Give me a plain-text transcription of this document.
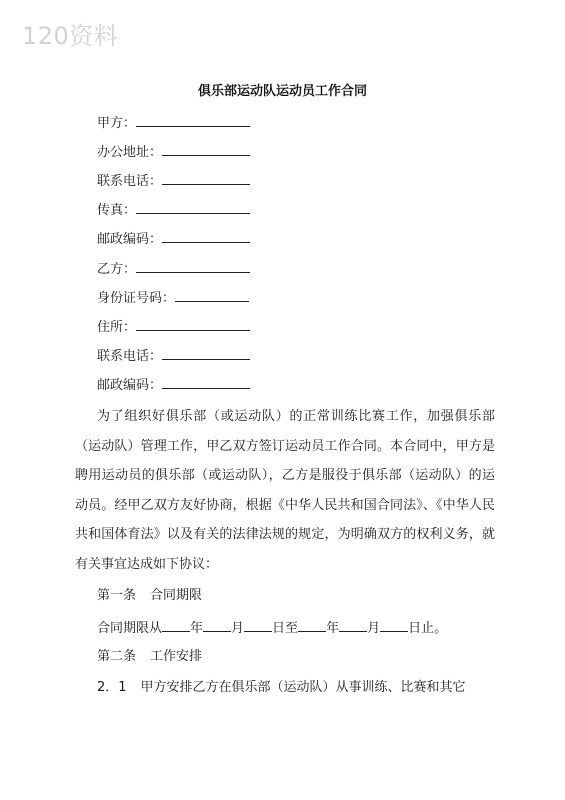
120资料
俱乐部运动队运动员工作合同
甲方：
办公地址：
联系电话：
传真：
邮政编码：
乙方：
身份证号码：
住所：
联系电话：
邮政编码：

为了组织好俱乐部（或运动队）的正常训练比赛工作，加强俱乐部（运动队）管理工作，甲乙双方签订运动员工作合同。本合同中，甲方是聘用运动员的俱乐部（或运动队），乙方是服役于俱乐部（运动队）的运动员。经甲乙双方友好协商，根据《中华人民共和国合同法》、《中华人民共和国体育法》以及有关的法律法规的规定，为明确双方的权利义务，就有关事宜达成如下协议：

第一条 合同期限
合同期限从 年 月 日至 年 月 日止。
第二条 工作安排
2．1 甲方安排乙方在俱乐部（运动队）从事训练、比赛和其它
